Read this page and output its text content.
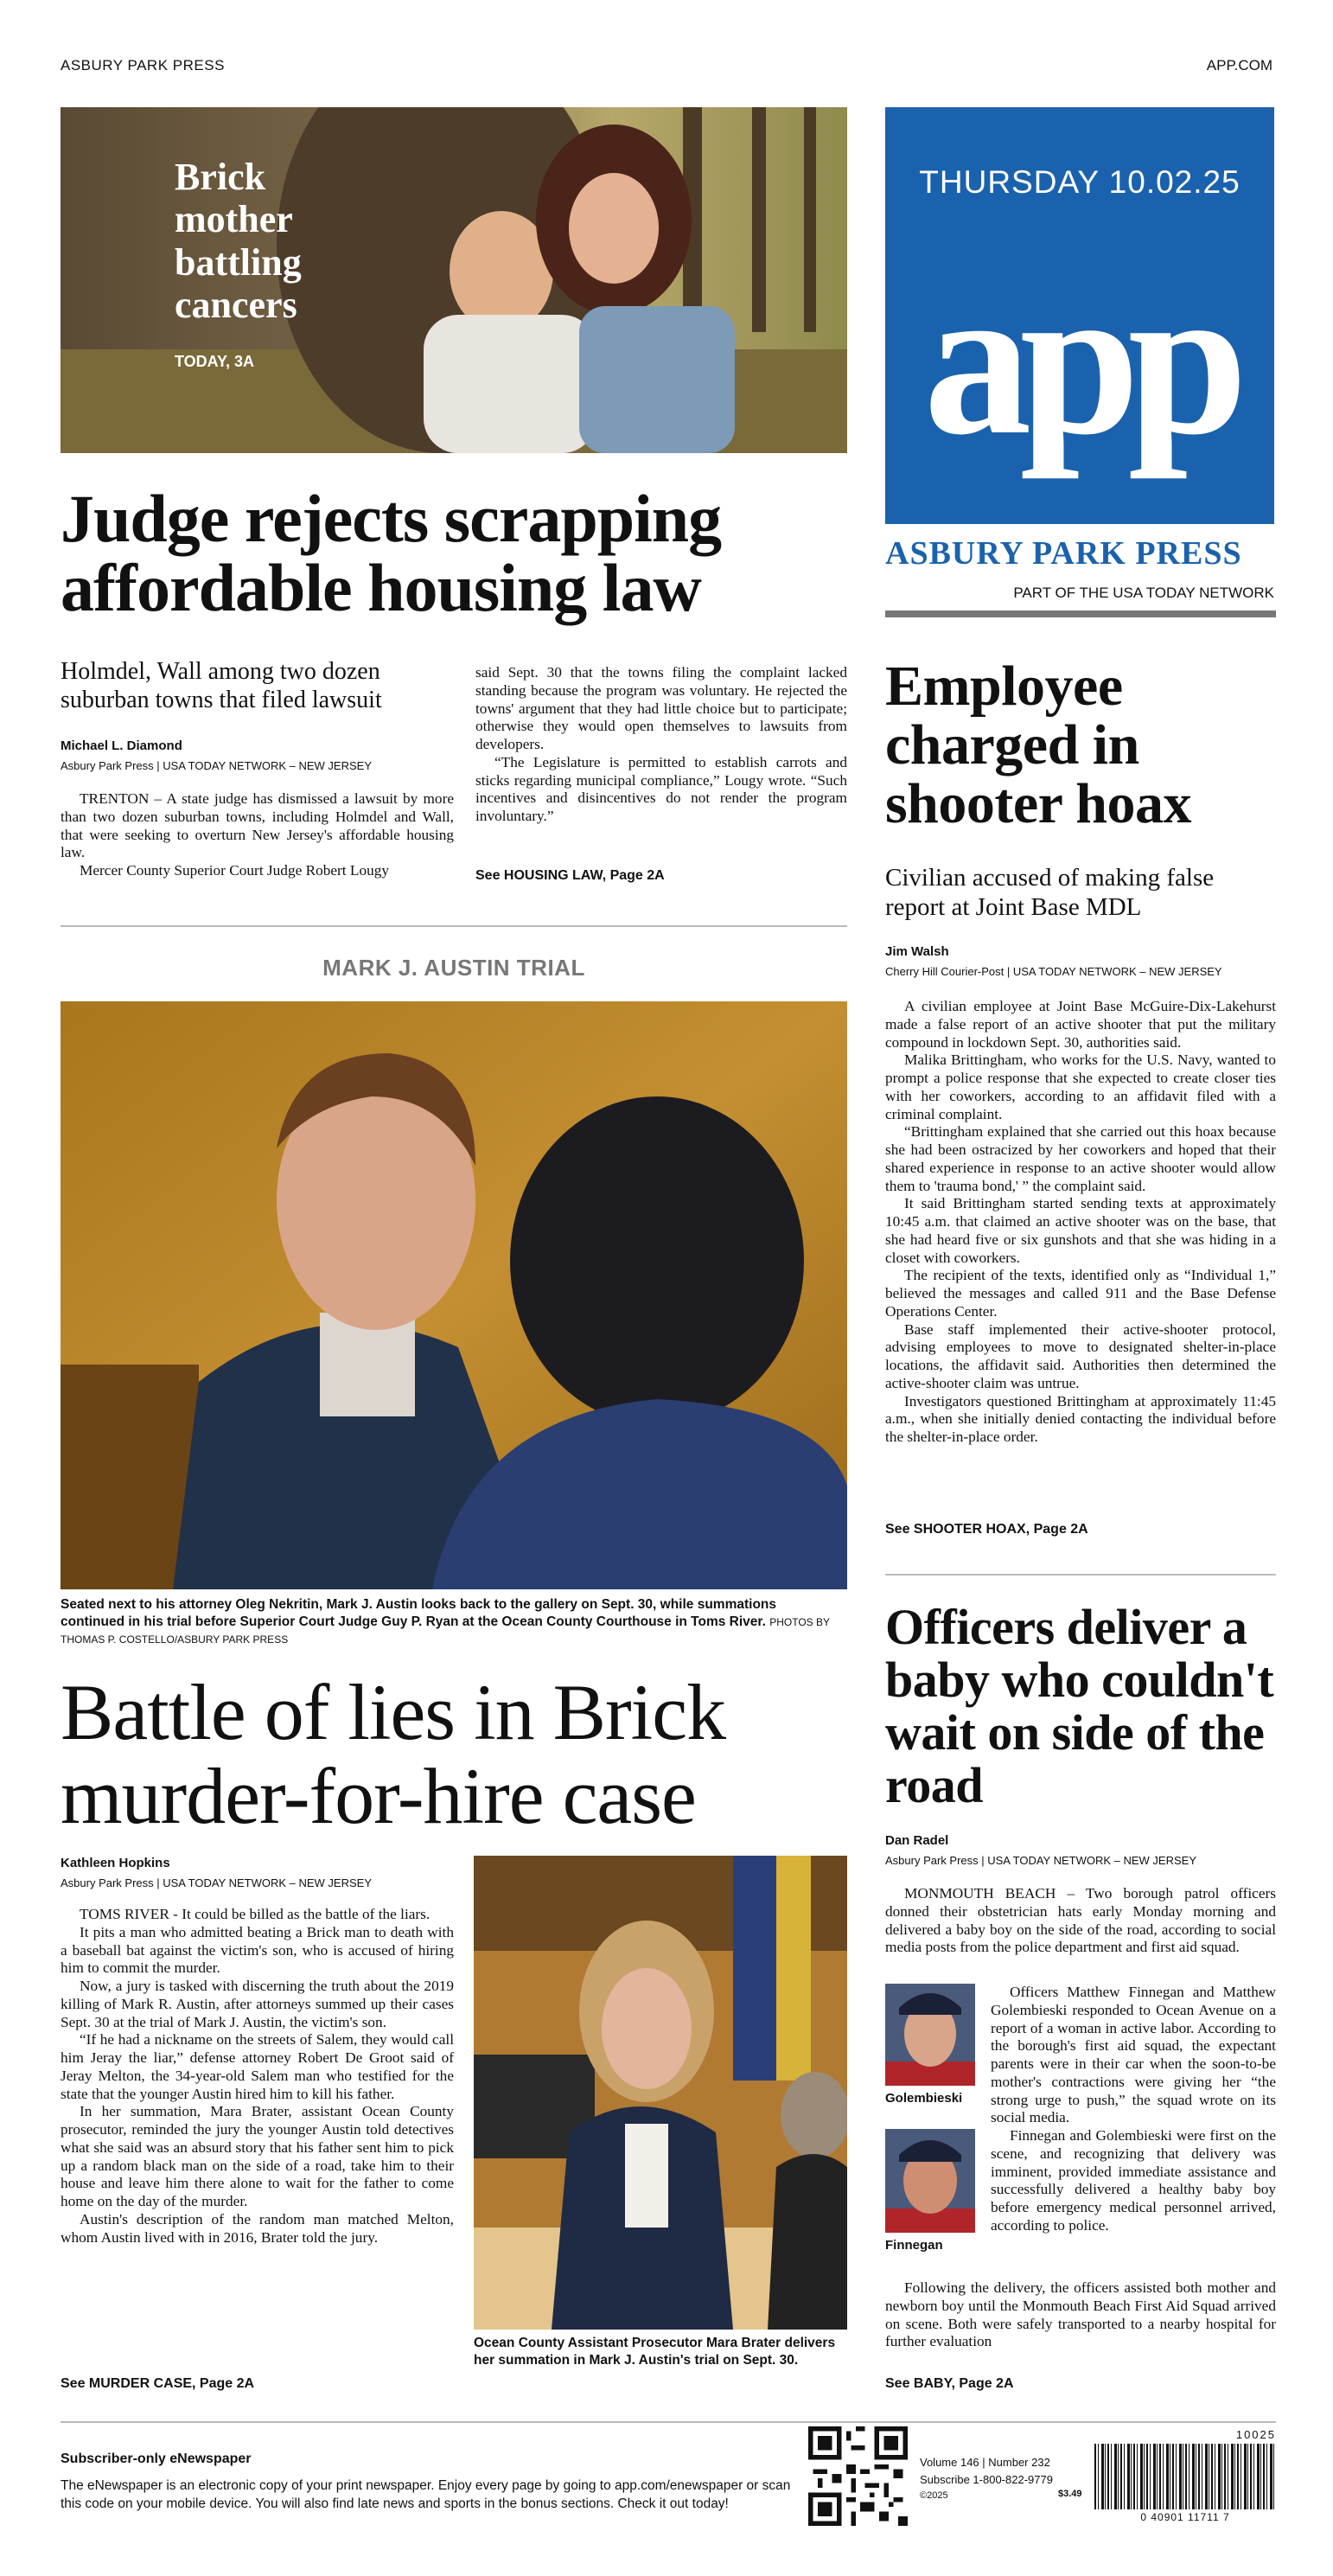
ASBURY PARK PRESS	APP.COM
Brick mother battling cancers
TODAY, 3A
THURSDAY 10.02.25
app
ASBURY PARK PRESS
PART OF THE USA TODAY NETWORK
Judge rejects scrapping affordable housing law
Holmdel, Wall among two dozen suburban towns that filed lawsuit
Michael L. Diamond
Asbury Park Press | USA TODAY NETWORK – NEW JERSEY

TRENTON – A state judge has dismissed a lawsuit by more than two dozen suburban towns, including Holmdel and Wall, that were seeking to overturn New Jersey's affordable housing law.

Mercer County Superior Court Judge Robert Lougy

said Sept. 30 that the towns filing the complaint lacked standing because the program was voluntary. He rejected the towns' argument that they had little choice but to participate; otherwise they would open themselves to lawsuits from developers.

“The Legislature is permitted to establish carrots and sticks regarding municipal compliance,” Lougy wrote. “Such incentives and disincentives do not render the program involuntary.”

See HOUSING LAW, Page 2A
MARK J. AUSTIN TRIAL
Seated next to his attorney Oleg Nekritin, Mark J. Austin looks back to the gallery on Sept. 30, while summations continued in his trial before Superior Court Judge Guy P. Ryan at the Ocean County Courthouse in Toms River. PHOTOS BY THOMAS P. COSTELLO/ASBURY PARK PRESS
Battle of lies in Brick murder-for-hire case
Kathleen Hopkins
Asbury Park Press | USA TODAY NETWORK – NEW JERSEY

TOMS RIVER - It could be billed as the battle of the liars.

It pits a man who admitted beating a Brick man to death with a baseball bat against the victim's son, who is accused of hiring him to commit the murder.

Now, a jury is tasked with discerning the truth about the 2019 killing of Mark R. Austin, after attorneys summed up their cases Sept. 30 at the trial of Mark J. Austin, the victim's son.

“If he had a nickname on the streets of Salem, they would call him Jeray the liar,” defense attorney Robert De Groot said of Jeray Melton, the 34-year-old Salem man who testified for the state that the younger Austin hired him to kill his father.

In her summation, Mara Brater, assistant Ocean County prosecutor, reminded the jury the younger Austin told detectives what she said was an absurd story that his father sent him to pick up a random black man on the side of a road, take him to their house and leave him there alone to wait for the father to come home on the day of the murder.

Austin's description of the random man matched Melton, whom Austin lived with in 2016, Brater told the jury.

Ocean County Assistant Prosecutor Mara Brater delivers her summation in Mark J. Austin's trial on Sept. 30.
See MURDER CASE, Page 2A
Employee charged in shooter hoax
Civilian accused of making false report at Joint Base MDL
Jim Walsh
Cherry Hill Courier-Post | USA TODAY NETWORK – NEW JERSEY

A civilian employee at Joint Base McGuire-Dix-Lakehurst made a false report of an active shooter that put the military compound in lockdown Sept. 30, authorities said.

Malika Brittingham, who works for the U.S. Navy, wanted to prompt a police response that she expected to create closer ties with her coworkers, according to an affidavit filed with a criminal complaint.

“Brittingham explained that she carried out this hoax because she had been ostracized by her coworkers and hoped that their shared experience in response to an active shooter would allow them to 'trauma bond,' ” the complaint said.

It said Brittingham started sending texts at approximately 10:45 a.m. that claimed an active shooter was on the base, that she had heard five or six gunshots and that she was hiding in a closet with coworkers.

The recipient of the texts, identified only as “Individual 1,” believed the messages and called 911 and the Base Defense Operations Center.

Base staff implemented their active-shooter protocol, advising employees to move to designated shelter-in-place locations, the affidavit said. Authorities then determined the active-shooter claim was untrue.

Investigators questioned Brittingham at approximately 11:45 a.m., when she initially denied contacting the individual before the shelter-in-place order.

See SHOOTER HOAX, Page 2A
Officers deliver a baby who couldn't wait on side of the road
Dan Radel
Asbury Park Press | USA TODAY NETWORK – NEW JERSEY

MONMOUTH BEACH – Two borough patrol officers donned their obstetrician hats early Monday morning and delivered a baby boy on the side of the road, according to social media posts from the police department and first aid squad.

Golembieski
Finnegan

Officers Matthew Finnegan and Matthew Golembieski responded to Ocean Avenue on a report of a woman in active labor. According to the borough's first aid squad, the expectant parents were in their car when the soon-to-be mother's contractions were giving her “the strong urge to push,” the squad wrote on its social media.

Finnegan and Golembieski were first on the scene, and recognizing that delivery was imminent, provided immediate assistance and successfully delivered a healthy baby boy before emergency medical personnel arrived, according to police.

Following the delivery, the officers assisted both mother and newborn boy until the Monmouth Beach First Aid Squad arrived on scene. Both were safely transported to a nearby hospital for further evaluation

See BABY, Page 2A
Subscriber-only eNewspaper
The eNewspaper is an electronic copy of your print newspaper. Enjoy every page by going to app.com/enewspaper or scan this code on your mobile device. You will also find late news and sports in the bonus sections. Check it out today!
Volume 146 | Number 232
Subscribe 1-800-822-9779
©2025	$3.49
10025
0 40901 11711 7
